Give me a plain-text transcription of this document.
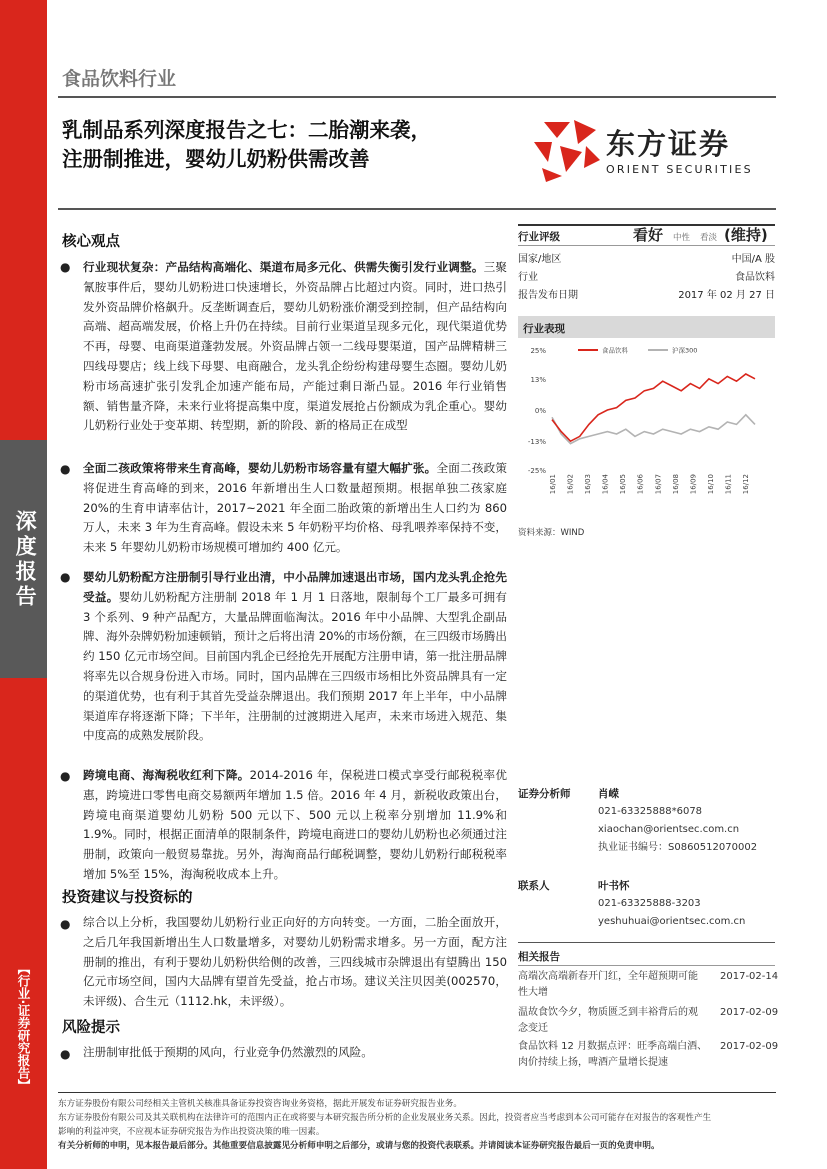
深度报告
【行业·证券研究报告】
食品饮料行业
乳制品系列深度报告之七：二胎潮来袭，
注册制推进，婴幼儿奶粉供需改善	东方证券
ORIENT SECURITIES
核心观点
● 行业现状复杂：产品结构高端化、渠道布局多元化、供需失衡引发行业调整。三聚氰胺事件后，婴幼儿奶粉进口快速增长，外资品牌占比超过内资。同时，进口热引发外资品牌价格飙升。反垄断调查后，婴幼儿奶粉涨价潮受到控制，但产品结构向高端、超高端发展，价格上升仍在持续。目前行业渠道呈现多元化，现代渠道优势不再，母婴、电商渠道蓬勃发展。外资品牌占领一二线母婴渠道，国产品牌精耕三四线母婴店；线上线下母婴、电商融合，龙头乳企纷纷构建母婴生态圈。婴幼儿奶粉市场高速扩张引发乳企加速产能布局，产能过剩日渐凸显。2016 年行业销售额、销售量齐降，未来行业将提高集中度，渠道发展抢占份额成为乳企重心。婴幼儿奶粉行业处于变革期、转型期，新的阶段、新的格局正在成型
● 全面二孩政策将带来生育高峰，婴幼儿奶粉市场容量有望大幅扩张。全面二孩政策将促进生育高峰的到来，2016 年新增出生人口数量超预期。根据单独二孩家庭 20%的生育申请率估计，2017~2021 年全面二胎政策的新增出生人口约为 860 万人，未来 3 年为生育高峰。假设未来 5 年奶粉平均价格、母乳喂养率保持不变，未来 5 年婴幼儿奶粉市场规模可增加约 400 亿元。
● 婴幼儿奶粉配方注册制引导行业出清，中小品牌加速退出市场，国内龙头乳企抢先受益。婴幼儿奶粉配方注册制 2018 年 1 月 1 日落地，限制每个工厂最多可拥有 3 个系列、9 种产品配方，大量品牌面临淘汰。2016 年中小品牌、大型乳企副品牌、海外杂牌奶粉加速顿销，预计之后将出清 20%的市场份额，在三四级市场腾出约 150 亿元市场空间。目前国内乳企已经抢先开展配方注册申请，第一批注册品牌将率先以合规身份进入市场。同时，国内品牌在三四级市场相比外资品牌具有一定的渠道优势，也有利于其首先受益杂牌退出。我们预期 2017 年上半年，中小品牌渠道库存将逐渐下降；下半年，注册制的过渡期进入尾声，未来市场进入规范、集中度高的成熟发展阶段。
● 跨境电商、海淘税收红利下降。2014-2016 年，保税进口模式享受行邮税税率优惠，跨境进口零售电商交易额两年增加 1.5 倍。2016 年 4 月，新税收政策出台，跨境电商渠道婴幼儿奶粉 500 元以下、500 元以上税率分别增加 11.9%和 1.9%。同时，根据正面清单的限制条件，跨境电商进口的婴幼儿奶粉也必须通过注册制，政策向一般贸易靠拢。另外，海淘商品行邮税调整，婴幼儿奶粉行邮税税率增加 5%至 15%，海淘税收成本上升。
投资建议与投资标的
● 综合以上分析，我国婴幼儿奶粉行业正向好的方向转变。一方面，二胎全面放开，之后几年我国新增出生人口数量增多，对婴幼儿奶粉需求增多。另一方面，配方注册制的推出，有利于婴幼儿奶粉供给侧的改善，三四线城市杂牌退出有望腾出 150 亿元市场空间，国内大品牌有望首先受益，抢占市场。建议关注贝因美(002570，未评级)、合生元（1112.hk，未评级）。
风险提示
● 注册制审批低于预期的风向，行业竞争仍然激烈的风险。
行业评级	看好 中性 看淡 (维持)
国家/地区	中国/A 股
行业	食品饮料
报告发布日期	2017 年 02 月 27 日
行业表现
25%
13%
0%
-13%
-25%
16/01 16/02 16/03 16/04 16/05 16/06 16/07 16/08 16/09 16/10 16/11 16/12
食品饮料	沪深300
资料来源：WIND
证券分析师	肖嵘
021-63325888*6078
xiaochan@orientsec.com.cn
执业证书编号：S0860512070002
联系人	叶书怀
021-63325888-3203
yeshuhuai@orientsec.com.cn
相关报告
高端次高端新春开门红，全年超预期可能
性大增
2017-02-14
温故食饮今夕，物质匮乏到丰裕背后的观
念变迁
2017-02-09
食品饮料 12 月数据点评：旺季高端白酒、
肉价持续上扬，啤酒产量增长提速
2017-02-09
东方证券股份有限公司经相关主管机关核准具备证券投资咨询业务资格，据此开展发布证券研究报告业务。
东方证券股份有限公司及其关联机构在法律许可的范围内正在或将要与本研究报告所分析的企业发展业务关系。因此，投资者应当考虑到本公司可能存在对报告的客观性产生
影响的利益冲突，不应视本证券研究报告为作出投资决策的唯一因素。
有关分析师的申明，见本报告最后部分。其他重要信息披露见分析师申明之后部分，或请与您的投资代表联系。并请阅读本证券研究报告最后一页的免责申明。
